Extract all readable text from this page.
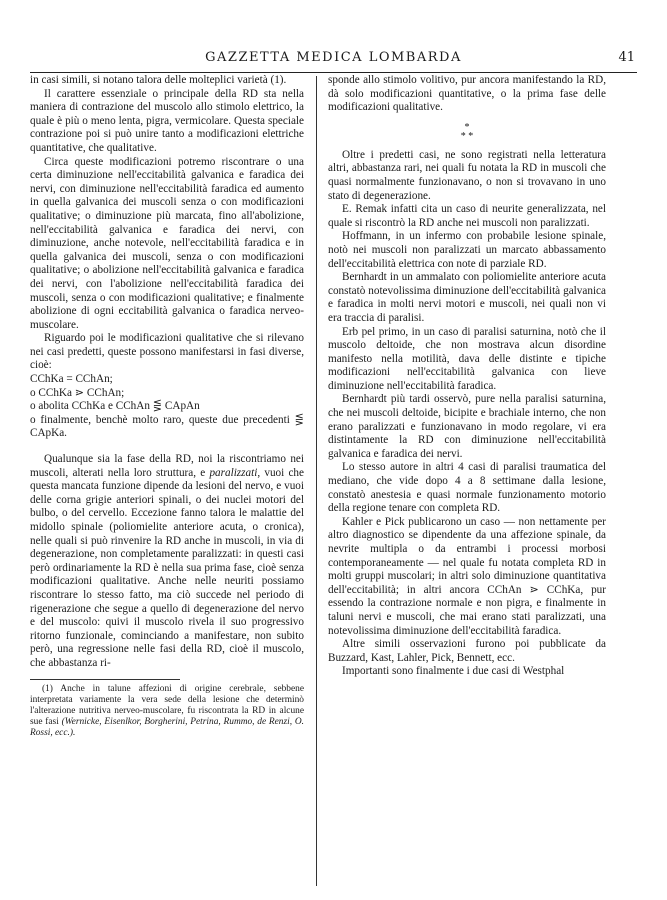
GAZZETTA MEDICA LOMBARDA	41

in casi simili, si notano talora delle molteplici varietà (1).

Il carattere essenziale o principale della RD sta nella maniera di contrazione del muscolo allo stimolo elettrico, la quale è più o meno lenta, pigra, vermicolare. Questa speciale contrazione poi si può unire tanto a modificazioni elettriche quantitative, che qualitative.

Circa queste modificazioni potremo riscontrare o una certa diminuzione nell'eccitabilità galvanica e faradica dei nervi, con diminuzione nell'eccitabilità faradica ed aumento in quella galvanica dei muscoli senza o con modificazioni qualitative; o diminuzione più marcata, fino all'abolizione, nell'eccitabilità galvanica e faradica dei nervi, con diminuzione, anche notevole, nell'eccitabilità faradica e in quella galvanica dei muscoli, senza o con modificazioni qualitative; o abolizione nell'eccitabilità galvanica e faradica dei nervi, con l'abolizione nell'eccitabilità faradica dei muscoli, senza o con modificazioni qualitative; e finalmente abolizione di ogni eccitabilità galvanica o faradica nerveo-muscolare.

Riguardo poi le modificazioni qualitative che si rilevano nei casi predetti, queste possono manifestarsi in fasi diverse, cioè:

CChKa = CChAn;

o CChKa ⋗ CChAn;

o abolita CChKa e CChAn ⋚ CApAn

o finalmente, benchè molto raro, queste due precedenti ⋚ CApKa.

Qualunque sia la fase della RD, noi la riscontriamo nei muscoli, alterati nella loro struttura, e paralizzati, vuoi che questa mancata funzione dipende da lesioni del nervo, e vuoi delle corna grigie anteriori spinali, o dei nuclei motori del bulbo, o del cervello. Eccezione fanno talora le malattie del midollo spinale (poliomielite anteriore acuta, o cronica), nelle quali si può rinvenire la RD anche in muscoli, in via di degenerazione, non completamente paralizzati: in questi casi però ordinariamente la RD è nella sua prima fase, cioè senza modificazioni qualitative. Anche nelle neuriti possiamo riscontrare lo stesso fatto, ma ciò succede nel periodo di rigenerazione che segue a quello di degenerazione del nervo e del muscolo: quivi il muscolo rivela il suo progressivo ritorno funzionale, cominciando a manifestare, non subito però, una regressione nelle fasi della RD, cioè il muscolo, che abbastanza ri-

(1) Anche in talune affezioni di origine cerebrale, sebbene interpretata variamente la vera sede della lesione che determinò l'alterazione nutritiva nerveo-muscolare, fu riscontrata la RD in alcune sue fasi (Wernicke, Eisenlkor, Borgherini, Petrina, Rummo, de Renzi, O. Rossi, ecc.).

sponde allo stimolo volitivo, pur ancora manifestando la RD, dà solo modificazioni quantitative, o la prima fase delle modificazioni qualitative.

*
* *

Oltre i predetti casi, ne sono registrati nella letteratura altri, abbastanza rari, nei quali fu notata la RD in muscoli che quasi normalmente funzionavano, o non si trovavano in uno stato di degenerazione.

E. Remak infatti cita un caso di neurite generalizzata, nel quale si riscontrò la RD anche nei muscoli non paralizzati.

Hoffmann, in un infermo con probabile lesione spinale, notò nei muscoli non paralizzati un marcato abbassamento dell'eccitabilità elettrica con note di parziale RD.

Bernhardt in un ammalato con poliomielite anteriore acuta constatò notevolissima diminuzione dell'eccitabilità galvanica e faradica in molti nervi motori e muscoli, nei quali non vi era traccia di paralisi.

Erb pel primo, in un caso di paralisi saturnina, notò che il muscolo deltoide, che non mostrava alcun disordine manifesto nella motilità, dava delle distinte e tipiche modificazioni nell'eccitabilità galvanica con lieve diminuzione nell'eccitabilità faradica.

Bernhardt più tardi osservò, pure nella paralisi saturnina, che nei muscoli deltoide, bicipite e brachiale interno, che non erano paralizzati e funzionavano in modo regolare, vi era distintamente la RD con diminuzione nell'eccitabilità galvanica e faradica dei nervi.

Lo stesso autore in altri 4 casi di paralisi traumatica del mediano, che vide dopo 4 a 8 settimane dalla lesione, constatò anestesia e quasi normale funzionamento motorio della regione tenare con completa RD.

Kahler e Pick publicarono un caso — non nettamente per altro diagnostico se dipendente da una affezione spinale, da nevrite multipla o da entrambi i processi morbosi contemporaneamente — nel quale fu notata completa RD in molti gruppi muscolari; in altri solo diminuzione quantitativa dell'eccitabilità; in altri ancora CChAn ⋗ CChKa, pur essendo la contrazione normale e non pigra, e finalmente in taluni nervi e muscoli, che mai erano stati paralizzati, una notevolissima diminuzione dell'eccitabilità faradica.

Altre simili osservazioni furono poi pubblicate da Buzzard, Kast, Lahler, Pick, Bennett, ecc.

Importanti sono finalmente i due casi di Westphal
